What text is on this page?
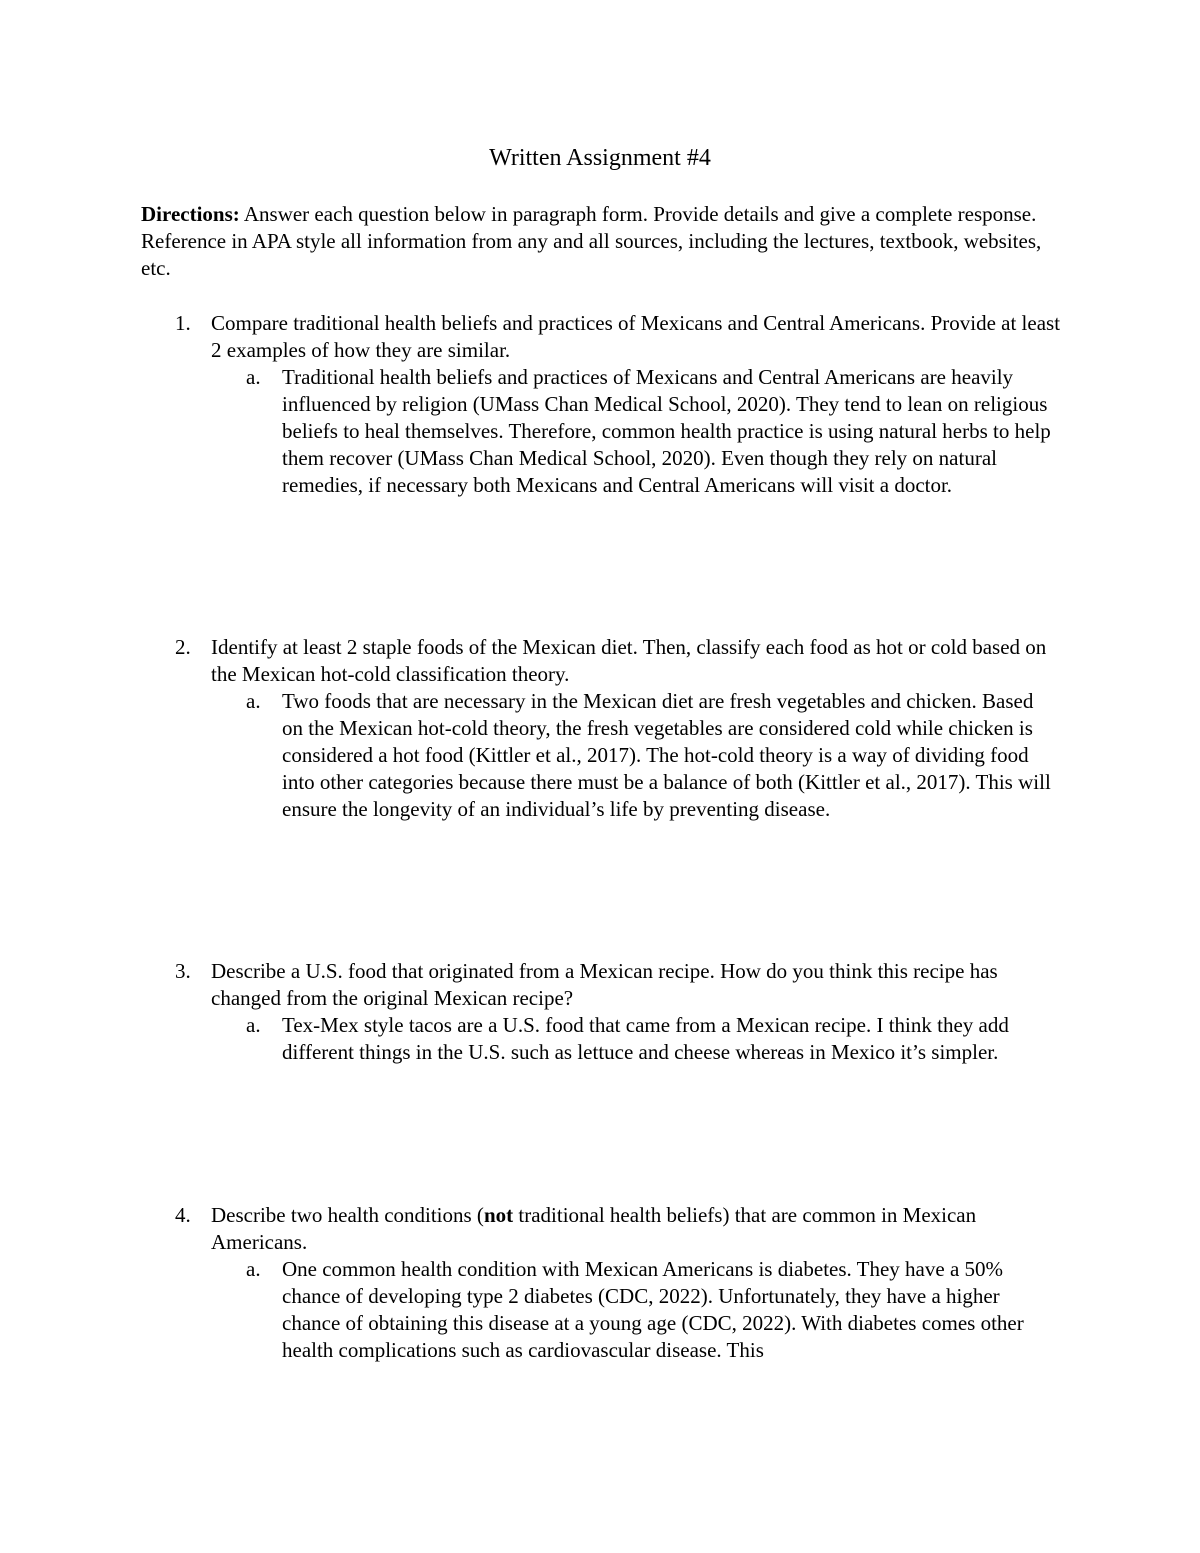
Written Assignment #4
Directions: Answer each question below in paragraph form. Provide details and give a complete response. Reference in APA style all information from any and all sources, including the lectures, textbook, websites, etc.
1. Compare traditional health beliefs and practices of Mexicans and Central Americans. Provide at least 2 examples of how they are similar.
a.	Traditional health beliefs and practices of Mexicans and Central Americans are heavily influenced by religion (UMass Chan Medical School, 2020). They tend to lean on religious beliefs to heal themselves. Therefore, common health practice is using natural herbs to help them recover (UMass Chan Medical School, 2020). Even though they rely on natural remedies, if necessary both Mexicans and Central Americans will visit a doctor.
2. Identify at least 2 staple foods of the Mexican diet. Then, classify each food as hot or cold based on the Mexican hot-cold classification theory.
a.	Two foods that are necessary in the Mexican diet are fresh vegetables and chicken. Based on the Mexican hot-cold theory, the fresh vegetables are considered cold while chicken is considered a hot food (Kittler et al., 2017). The hot-cold theory is a way of dividing food into other categories because there must be a balance of both (Kittler et al., 2017). This will ensure the longevity of an individual’s life by preventing disease.
3. Describe a U.S. food that originated from a Mexican recipe. How do you think this recipe has changed from the original Mexican recipe?
a.	Tex-Mex style tacos are a U.S. food that came from a Mexican recipe. I think they add different things in the U.S. such as lettuce and cheese whereas in Mexico it’s simpler.
4. Describe two health conditions (not traditional health beliefs) that are common in Mexican Americans.
a.	One common health condition with Mexican Americans is diabetes. They have a 50% chance of developing type 2 diabetes (CDC, 2022). Unfortunately, they have a higher chance of obtaining this disease at a young age (CDC, 2022). With diabetes comes other health complications such as cardiovascular disease. This
